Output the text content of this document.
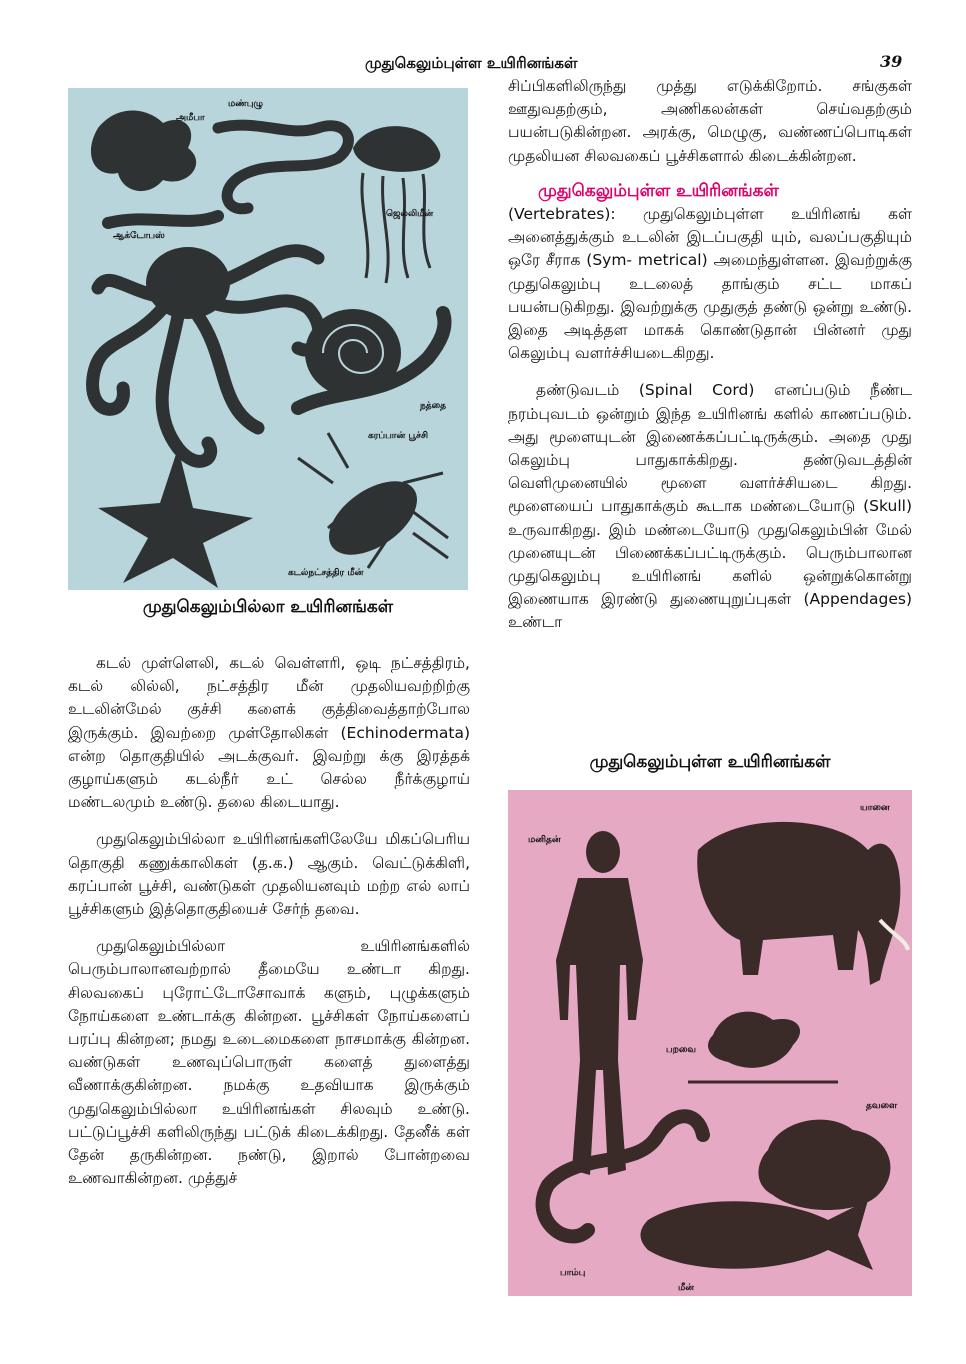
முதுகெலும்புள்ள உயிரினங்கள்	39
அமீபா
மண்புழு
ஜெல்லிமீன்
ஆக்டோபஸ்
நத்தை
கடல்நட்சத்திர மீன்
கரப்பான் பூச்சி
முதுகெலும்பில்லா உயிரினங்கள்

கடல் முள்ளெலி, கடல் வெள்ளரி, ஒடி நட்சத்திரம், கடல் லில்லி, நட்சத்திர மீன் முதலியவற்றிற்கு உடலின்மேல் குச்சி களைக் குத்திவைத்தாற்போல இருக்கும். இவற்றை முள்தோலிகள் (Echinodermata) என்ற தொகுதியில் அடக்குவர். இவற்று க்கு இரத்தக் குழாய்களும் கடல்நீர் உட் செல்ல நீர்க்குழாய் மண்டலமும் உண்டு. தலை கிடையாது.

முதுகெலும்பில்லா உயிரினங்களிலேயே மிகப்பெரிய தொகுதி கணுக்காலிகள் (த.க.) ஆகும். வெட்டுக்கிளி, கரப்பான் பூச்சி, வண்டுகள் முதலியனவும் மற்ற எல் லாப் பூச்சிகளும் இத்தொகுதியைச் சேர்ந் தவை.

முதுகெலும்பில்லா உயிரினங்களில் பெரும்பாலானவற்றால் தீமையே உண்டா கிறது. சிலவகைப் புரோட்டோசோவாக் களும், புழுக்களும் நோய்களை உண்டாக்கு கின்றன. பூச்சிகள் நோய்களைப் பரப்பு கின்றன; நமது உடைமைகளை நாசமாக்கு கின்றன. வண்டுகள் உணவுப்பொருள் களைத் துளைத்து வீணாக்குகின்றன. நமக்கு உதவியாக இருக்கும் முதுகெலும்பில்லா உயிரினங்கள் சிலவும் உண்டு. பட்டுப்பூச்சி களிலிருந்து பட்டுக் கிடைக்கிறது. தேனீக் கள் தேன் தருகின்றன. நண்டு, இறால் போன்றவை உணவாகின்றன. முத்துச்

சிப்பிகளிலிருந்து முத்து எடுக்கிறோம். சங்குகள் ஊதுவதற்கும், அணிகலன்கள் செய்வதற்கும் பயன்படுகின்றன. அரக்கு, மெழுகு, வண்ணப்பொடிகள் முதலியன சிலவகைப் பூச்சிகளால் கிடைக்கின்றன.

முதுகெலும்புள்ள உயிரினங்கள்

(Vertebrates): முதுகெலும்புள்ள உயிரினங் கள் அனைத்துக்கும் உடலின் இடப்பகுதி யும், வலப்பகுதியும் ஒரே சீராக (Sym- metrical) அமைந்துள்ளன. இவற்றுக்கு முதுகெலும்பு உடலைத் தாங்கும் சட்ட மாகப் பயன்படுகிறது. இவற்றுக்கு முதுகுத் தண்டு ஒன்று உண்டு. இதை அடித்தள மாகக் கொண்டுதான் பின்னர் முது கெலும்பு வளர்ச்சியடைகிறது.

தண்டுவடம் (Spinal Cord) எனப்படும் நீண்ட நரம்புவடம் ஒன்றும் இந்த உயிரினங் களில் காணப்படும். அது மூளையுடன் இணைக்கப்பட்டிருக்கும். அதை முது கெலும்பு பாதுகாக்கிறது. தண்டுவடத்தின் வெளிமுனையில் மூளை வளர்ச்சியடை கிறது. மூளையைப் பாதுகாக்கும் கூடாக மண்டையோடு (Skull) உருவாகிறது. இம் மண்டையோடு முதுகெலும்பின் மேல் முனையுடன் பிணைக்கப்பட்டிருக்கும். பெரும்பாலான முதுகெலும்பு உயிரினங் களில் ஒன்றுக்கொன்று இணையாக இரண்டு துணையுறுப்புகள் (Appendages) உண்டா

முதுகெலும்புள்ள உயிரினங்கள்
மனிதன்
யானை
பறவை
பாம்பு
தவளை
மீன்
